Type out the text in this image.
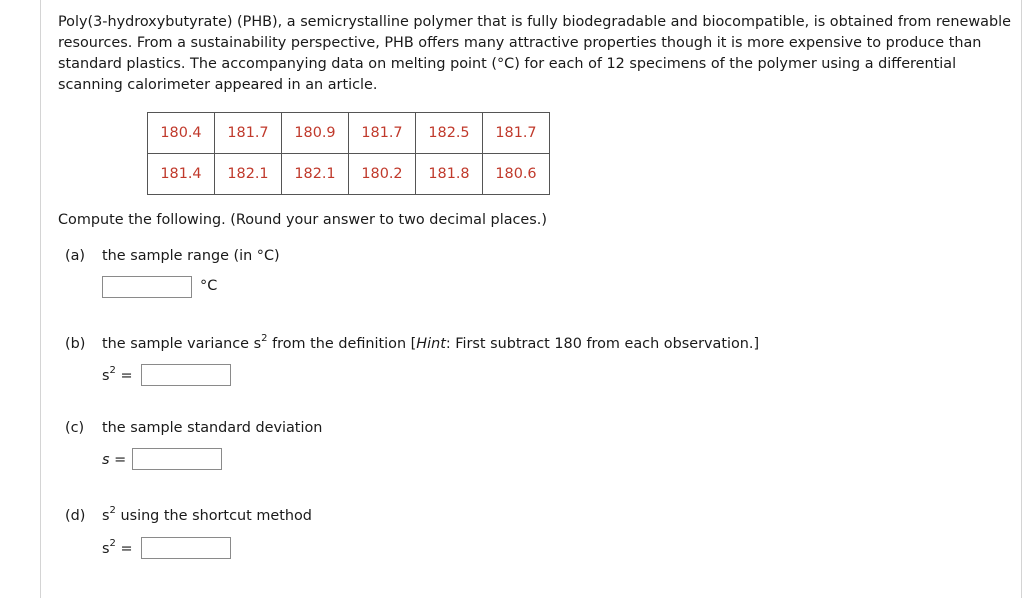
Poly(3-hydroxybutyrate) (PHB), a semicrystalline polymer that is fully biodegradable and biocompatible, is obtained from renewable resources. From a sustainability perspective, PHB offers many attractive properties though it is more expensive to produce than standard plastics. The accompanying data on melting point (°C) for each of 12 specimens of the polymer using a differential scanning calorimeter appeared in an article.
180.4	181.7	180.9	181.7	182.5	181.7
181.4	182.1	182.1	180.2	181.8	180.6
Compute the following. (Round your answer to two decimal places.)
(a) the sample range (in °C)
°C
(b) the sample variance $s^2$ from the definition [Hint: First subtract 180 from each observation.]
$s^2$ =
(c) the sample standard deviation
s =
(d) $s^2$ using the shortcut method
$s^2$ =
